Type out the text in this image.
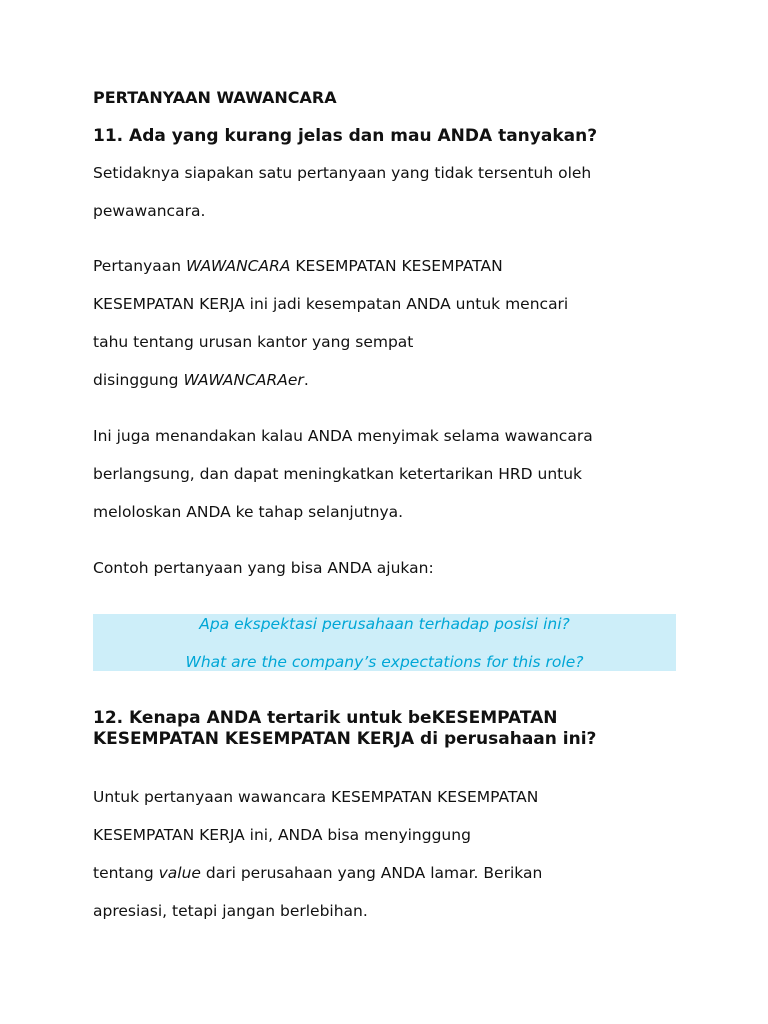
PERTANYAAN WAWANCARA
11. Ada yang kurang jelas dan mau ANDA tanyakan?

Setidaknya siapakan satu pertanyaan yang tidak tersentuh oleh
pewawancara.

Pertanyaan WAWANCARA KESEMPATAN KESEMPATAN
KESEMPATAN KERJA ini jadi kesempatan ANDA untuk mencari
tahu tentang urusan kantor yang sempat
disinggung WAWANCARAer.

Ini juga menandakan kalau ANDA menyimak selama wawancara
berlangsung, dan dapat meningkatkan ketertarikan HRD untuk
meloloskan ANDA ke tahap selanjutnya.

Contoh pertanyaan yang bisa ANDA ajukan:

Apa ekspektasi perusahaan terhadap posisi ini?
What are the company’s expectations for this role?
12. Kenapa ANDA tertarik untuk beKESEMPATAN KESEMPATAN KESEMPATAN KERJA di perusahaan ini?

Untuk pertanyaan wawancara KESEMPATAN KESEMPATAN
KESEMPATAN KERJA ini, ANDA bisa menyinggung
tentang value dari perusahaan yang ANDA lamar. Berikan
apresiasi, tetapi jangan berlebihan.
